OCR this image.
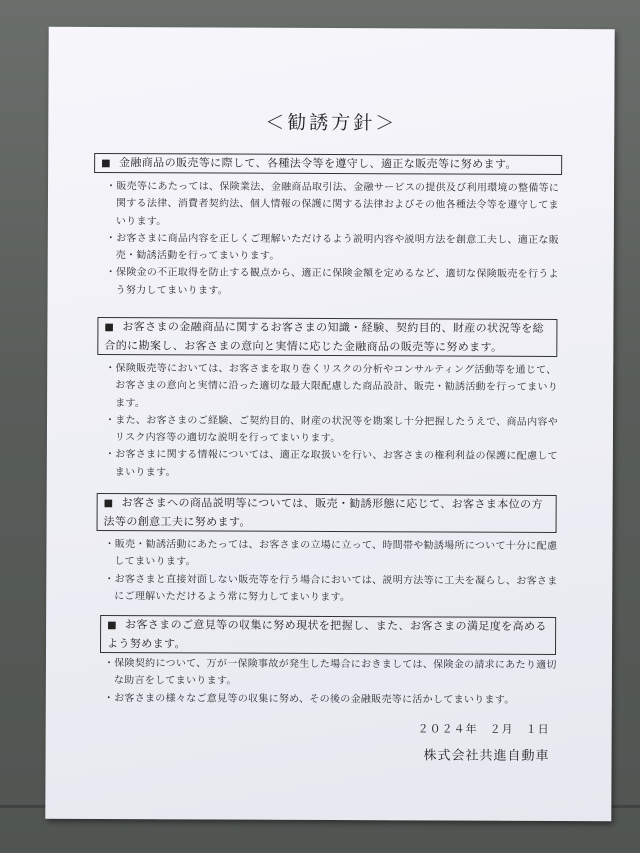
＜勧誘方針＞
■ 金融商品の販売等に際して、各種法令等を遵守し、適正な販売等に努めます。

・販売等にあたっては、保険業法、金融商品取引法、金融サービスの提供及び利用環境の整備等に関する法律、消費者契約法、個人情報の保護に関する法律およびその他各種法令等を遵守してまいります。

・お客さまに商品内容を正しくご理解いただけるよう説明内容や説明方法を創意工夫し、適正な販売・勧誘活動を行ってまいります。

・保険金の不正取得を防止する観点から、適正に保険金額を定めるなど、適切な保険販売を行うよう努力してまいります。

■ お客さまの金融商品に関するお客さまの知識・経験、契約目的、財産の状況等を総合的に勘案し、お客さまの意向と実情に応じた金融商品の販売等に努めます。

・保険販売等においては、お客さまを取り巻くリスクの分析やコンサルティング活動等を通じて、お客さまの意向と実情に沿った適切な最大限配慮した商品設計、販売・勧誘活動を行ってまいります。

・また、お客さまのご経験、ご契約目的、財産の状況等を勘案し十分把握したうえで、商品内容やリスク内容等の適切な説明を行ってまいります。

・お客さまに関する情報については、適正な取扱いを行い、お客さまの権利利益の保護に配慮してまいります。

■ お客さまへの商品説明等については、販売・勧誘形態に応じて、お客さま本位の方法等の創意工夫に努めます。

・販売・勧誘活動にあたっては、お客さまの立場に立って、時間帯や勧誘場所について十分に配慮してまいります。

・お客さまと直接対面しない販売等を行う場合においては、説明方法等に工夫を凝らし、お客さまにご理解いただけるよう常に努力してまいります。

■ お客さまのご意見等の収集に努め現状を把握し、また、お客さまの満足度を高めるよう努めます。

・保険契約について、万が一保険事故が発生した場合におきましては、保険金の請求にあたり適切な助言をしてまいります。

・お客さまの様々なご意見等の収集に努め、その後の金融販売等に活かしてまいります。

２０２４年　２月　１日
株式会社共進自動車
